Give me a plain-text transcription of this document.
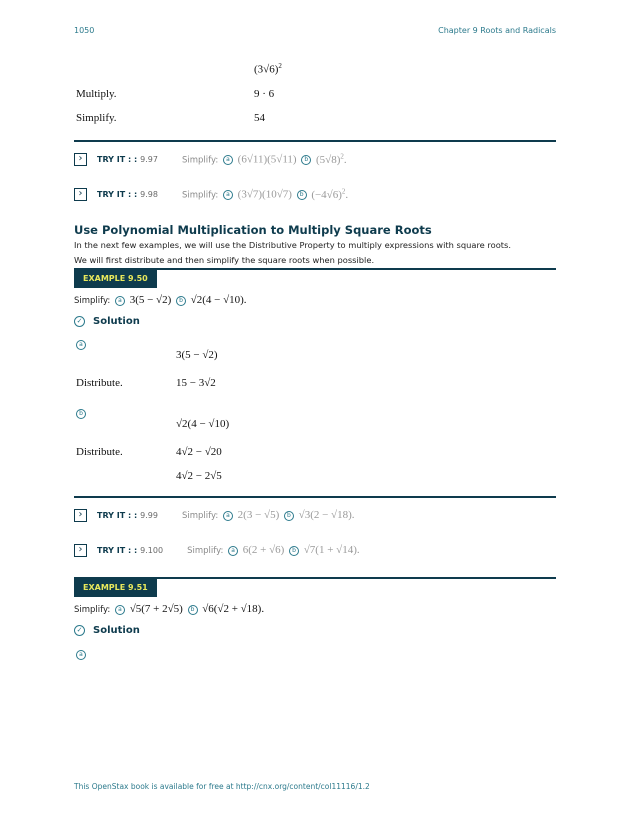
1050	Chapter 9 Roots and Radicals
$(3√6)^2$
Multiply.	9 · 6
Simplify.	54
›	TRY IT : : 9.97	Simplify: a (6√11)(5√11) b $(5√8)^2$.
›	TRY IT : : 9.98	Simplify: a (3√7)(10√7) b $(-4√6)^2$.
Use Polynomial Multiplication to Multiply Square Roots
In the next few examples, we will use the Distributive Property to multiply expressions with square roots.
We will first distribute and then simplify the square roots when possible.
EXAMPLE 9.50
Simplify: a 3(5 − √2) b √2(4 − √10).
✓ Solution
a
3(5 − √2)
Distribute.	15 − 3√2
b
√2(4 − √10)
Distribute.	4√2 − √20
4√2 − 2√5
›	TRY IT : : 9.99	Simplify: a 2(3 − √5) b √3(2 − √18).
›	TRY IT : : 9.100	Simplify: a 6(2 + √6) b √7(1 + √14).
EXAMPLE 9.51
Simplify: a √5(7 + 2√5) b √6(√2 + √18).
✓ Solution
a
This OpenStax book is available for free at http://cnx.org/content/col11116/1.2
